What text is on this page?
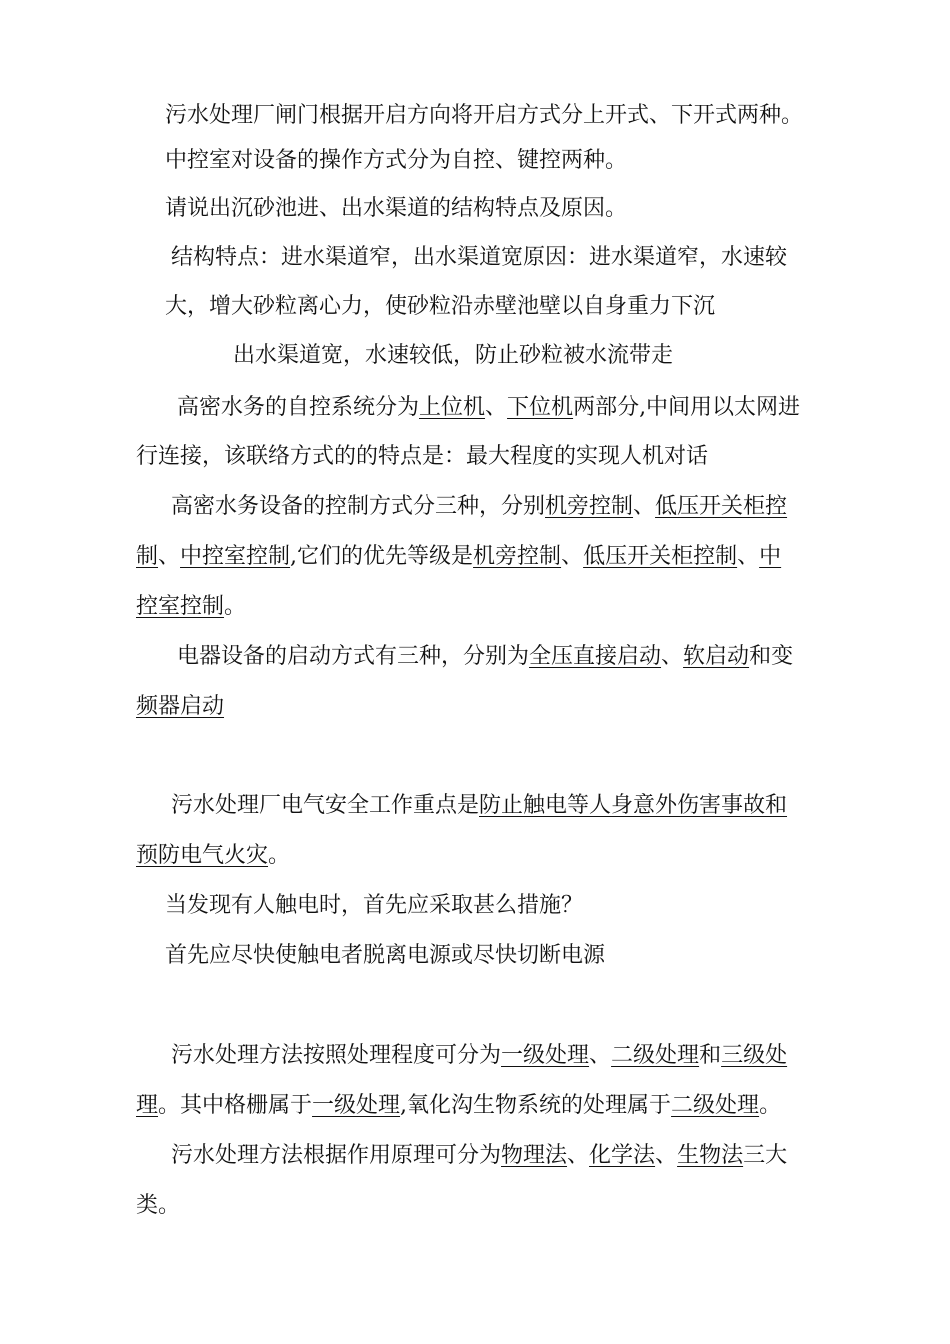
污水处理厂闸门根据开启方向将开启方式分上开式、下开式两种。
中控室对设备的操作方式分为自控、键控两种。
请说出沉砂池进、出水渠道的结构特点及原因。
结构特点：进水渠道窄，出水渠道宽原因：进水渠道窄，水速较
大，增大砂粒离心力，使砂粒沿赤壁池壁以自身重力下沉
出水渠道宽，水速较低，防止砂粒被水流带走
高密水务的自控系统分为上位机、下位机两部分,中间用以太网进
行连接，该联络方式的的特点是：最大程度的实现人机对话
高密水务设备的控制方式分三种，分别机旁控制、低压开关柜控
制、中控室控制,它们的优先等级是机旁控制、低压开关柜控制、中
控室控制。
电器设备的启动方式有三种，分别为全压直接启动、软启动和变
频器启动
污水处理厂电气安全工作重点是防止触电等人身意外伤害事故和
预防电气火灾。
当发现有人触电时，首先应采取甚么措施？
首先应尽快使触电者脱离电源或尽快切断电源
污水处理方法按照处理程度可分为一级处理、二级处理和三级处
理。其中格栅属于一级处理,氧化沟生物系统的处理属于二级处理。
污水处理方法根据作用原理可分为物理法、化学法、生物法三大
类。
